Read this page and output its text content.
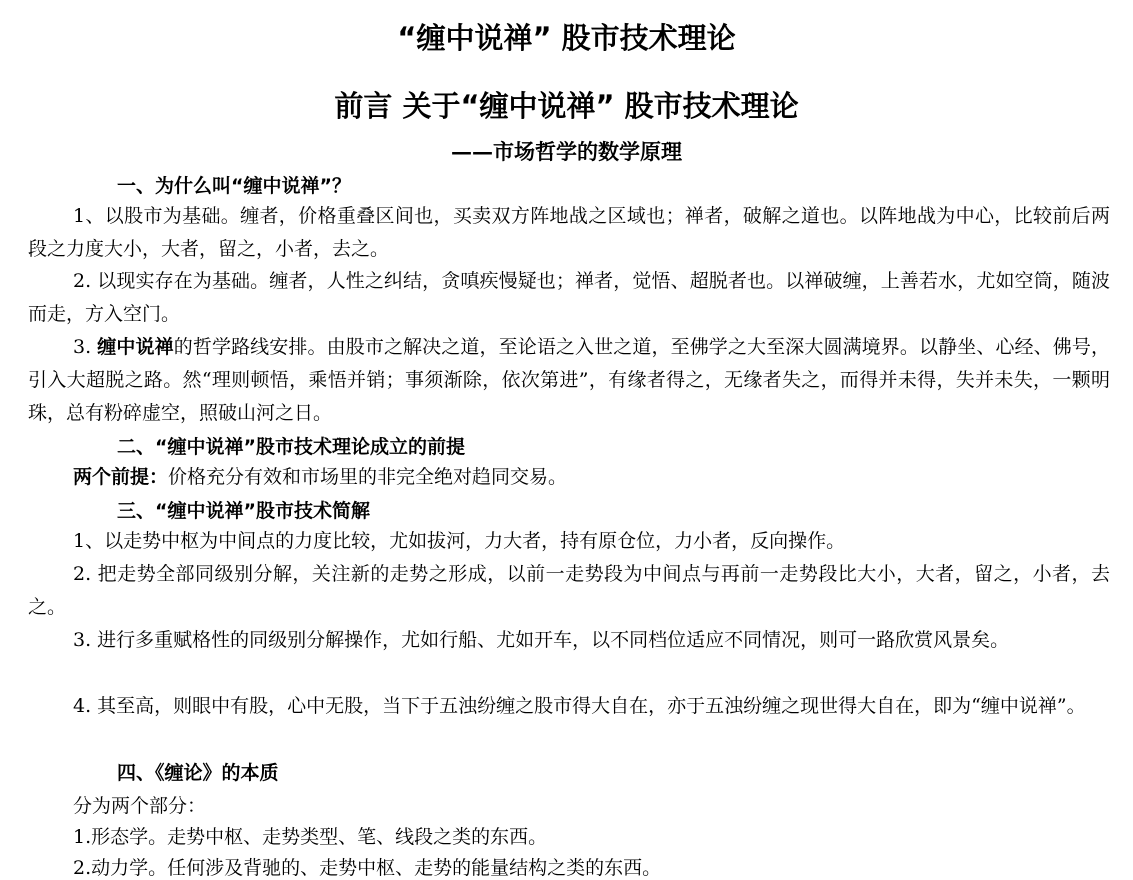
“缠中说禅” 股市技术理论
前言 关于“缠中说禅” 股市技术理论
——市场哲学的数学原理
一、为什么叫“缠中说禅”？
1、以股市为基础。缠者，价格重叠区间也，买卖双方阵地战之区域也；禅者，破解之道也。以阵地战为中心，比较前后两段之力度大小，大者，留之，小者，去之。
2. 以现实存在为基础。缠者，人性之纠结，贪嗔疾慢疑也；禅者，觉悟、超脱者也。以禅破缠，上善若水，尤如空筒，随波而走，方入空门。
3. 缠中说禅的哲学路线安排。由股市之解决之道，至论语之入世之道，至佛学之大至深大圆满境界。以静坐、心经、佛号，引入大超脱之路。然“理则顿悟，乘悟并销；事须渐除，依次第进”，有缘者得之，无缘者失之，而得并未得，失并未失，一颗明珠，总有粉碎虚空，照破山河之日。
二、“缠中说禅”股市技术理论成立的前提
两个前提：价格充分有效和市场里的非完全绝对趋同交易。
三、“缠中说禅”股市技术简解
1、以走势中枢为中间点的力度比较，尤如拔河，力大者，持有原仓位，力小者，反向操作。
2. 把走势全部同级别分解，关注新的走势之形成，以前一走势段为中间点与再前一走势段比大小，大者，留之，小者，去之。
3. 进行多重赋格性的同级别分解操作，尤如行船、尤如开车，以不同档位适应不同情况，则可一路欣赏风景矣。
4. 其至高，则眼中有股，心中无股，当下于五浊纷缠之股市得大自在，亦于五浊纷缠之现世得大自在，即为“缠中说禅”。
四、《缠论》的本质
分为两个部分：
1.形态学。走势中枢、走势类型、笔、线段之类的东西。
2.动力学。任何涉及背驰的、走势中枢、走势的能量结构之类的东西。
